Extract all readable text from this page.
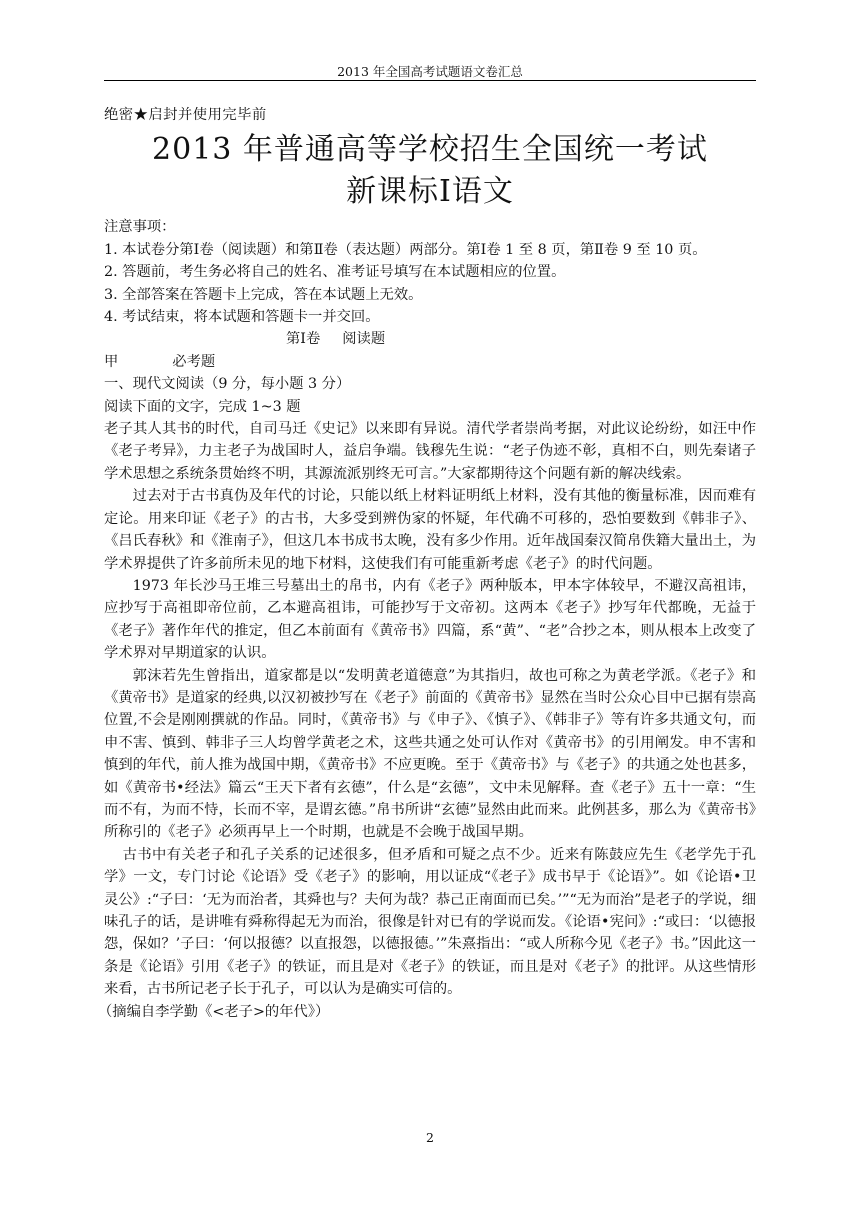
2013 年全国高考试题语文卷汇总

绝密★启封并使用完毕前

2013 年普通高等学校招生全国统一考试
新课标Ⅰ语文

注意事项：

1. 本试卷分第Ⅰ卷（阅读题）和第Ⅱ卷（表达题）两部分。第Ⅰ卷 1 至 8 页，第Ⅱ卷 9 至 10 页。

2. 答题前，考生务必将自己的姓名、准考证号填写在本试题相应的位置。

3. 全部答案在答题卡上完成，答在本试题上无效。

4. 考试结束，将本试题和答题卡一并交回。

第Ⅰ卷 阅读题

甲	必考题

一、现代文阅读（9 分，每小题 3 分）

阅读下面的文字，完成 1~3 题

老子其人其书的时代，自司马迁《史记》以来即有异说。清代学者崇尚考据，对此议论纷纷，如汪中作《老子考异》，力主老子为战国时人，益启争端。钱穆先生说：“老子伪迹不彰，真相不白，则先秦诸子学术思想之系统条贯始终不明，其源流派别终无可言。”大家都期待这个问题有新的解决线索。

过去对于古书真伪及年代的讨论，只能以纸上材料证明纸上材料，没有其他的衡量标准，因而难有定论。用来印证《老子》的古书，大多受到辨伪家的怀疑，年代确不可移的，恐怕要数到《韩非子》、《吕氏春秋》和《淮南子》，但这几本书成书太晚，没有多少作用。近年战国秦汉简帛佚籍大量出土，为学术界提供了许多前所未见的地下材料，这使我们有可能重新考虑《老子》的时代问题。

1973 年长沙马王堆三号墓出土的帛书，内有《老子》两种版本，甲本字体较早，不避汉高祖讳，应抄写于高祖即帝位前，乙本避高祖讳，可能抄写于文帝初。这两本《老子》抄写年代都晚，无益于《老子》著作年代的推定，但乙本前面有《黄帝书》四篇，系“黄”、“老”合抄之本，则从根本上改变了学术界对早期道家的认识。

郭沫若先生曾指出，道家都是以“发明黄老道德意”为其指归，故也可称之为黄老学派。《老子》和《黄帝书》是道家的经典,以汉初被抄写在《老子》前面的《黄帝书》显然在当时公众心目中已据有崇高位置,不会是刚刚撰就的作品。同时，《黄帝书》与《申子》、《慎子》、《韩非子》等有许多共通文句，而申不害、慎到、韩非子三人均曾学黄老之术，这些共通之处可认作对《黄帝书》的引用阐发。申不害和慎到的年代，前人推为战国中期，《黄帝书》不应更晚。至于《黄帝书》与《老子》的共通之处也甚多，如《黄帝书•经法》篇云“王天下者有玄德”，什么是“玄德”，文中未见解释。查《老子》五十一章：“生而不有，为而不恃，长而不宰，是谓玄德。”帛书所讲“玄德”显然由此而来。此例甚多，那么为《黄帝书》所称引的《老子》必须再早上一个时期，也就是不会晚于战国早期。

古书中有关老子和孔子关系的记述很多，但矛盾和可疑之点不少。近来有陈鼓应先生《老学先于孔学》一文，专门讨论《论语》受《老子》的影响，用以证成“《老子》成书早于《论语》”。如《论语•卫灵公》:“子曰：‘无为而治者，其舜也与？夫何为哉？恭己正南面而已矣。’”“无为而治”是老子的学说，细味孔子的话，是讲唯有舜称得起无为而治，很像是针对已有的学说而发。《论语•宪问》:“或曰：‘以德报怨，保如？’子曰：‘何以报德？以直报怨，以德报德。’”朱熹指出：“或人所称今见《老子》书。”因此这一条是《论语》引用《老子》的铁证，而且是对《老子》的铁证，而且是对《老子》的批评。从这些情形来看，古书所记老子长于孔子，可以认为是确实可信的。

（摘编自李学勤《<老子>的年代》）

2
